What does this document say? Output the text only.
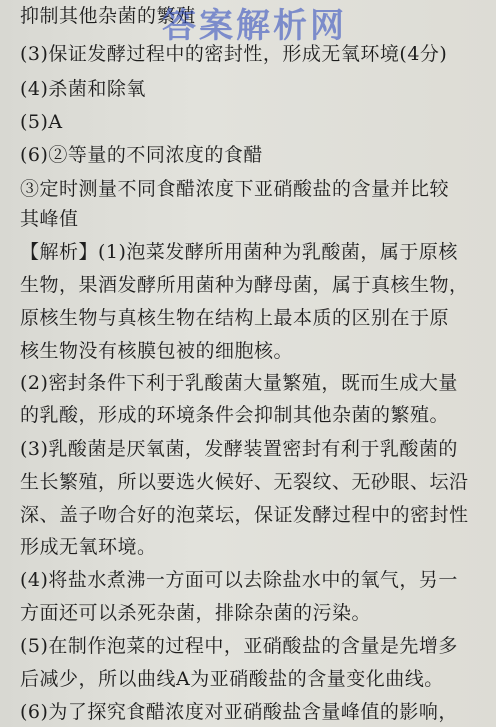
抑制其他杂菌的繁殖
(3)保证发酵过程中的密封性，形成无氧环境(4分)
(4)杀菌和除氧
(5)A
(6)②等量的不同浓度的食醋
③定时测量不同食醋浓度下亚硝酸盐的含量并比较
其峰值
【解析】(1)泡菜发酵所用菌种为乳酸菌，属于原核
生物，果酒发酵所用菌种为酵母菌，属于真核生物，
原核生物与真核生物在结构上最本质的区别在于原
核生物没有核膜包被的细胞核。
(2)密封条件下利于乳酸菌大量繁殖，既而生成大量
的乳酸，形成的环境条件会抑制其他杂菌的繁殖。
(3)乳酸菌是厌氧菌，发酵装置密封有利于乳酸菌的
生长繁殖，所以要选火候好、无裂纹、无砂眼、坛沿
深、盖子吻合好的泡菜坛，保证发酵过程中的密封性
形成无氧环境。
(4)将盐水煮沸一方面可以去除盐水中的氧气，另一
方面还可以杀死杂菌，排除杂菌的污染。
(5)在制作泡菜的过程中，亚硝酸盐的含量是先增多
后减少，所以曲线A为亚硝酸盐的含量变化曲线。
(6)为了探究食醋浓度对亚硝酸盐含量峰值的影响，
答案解析网
